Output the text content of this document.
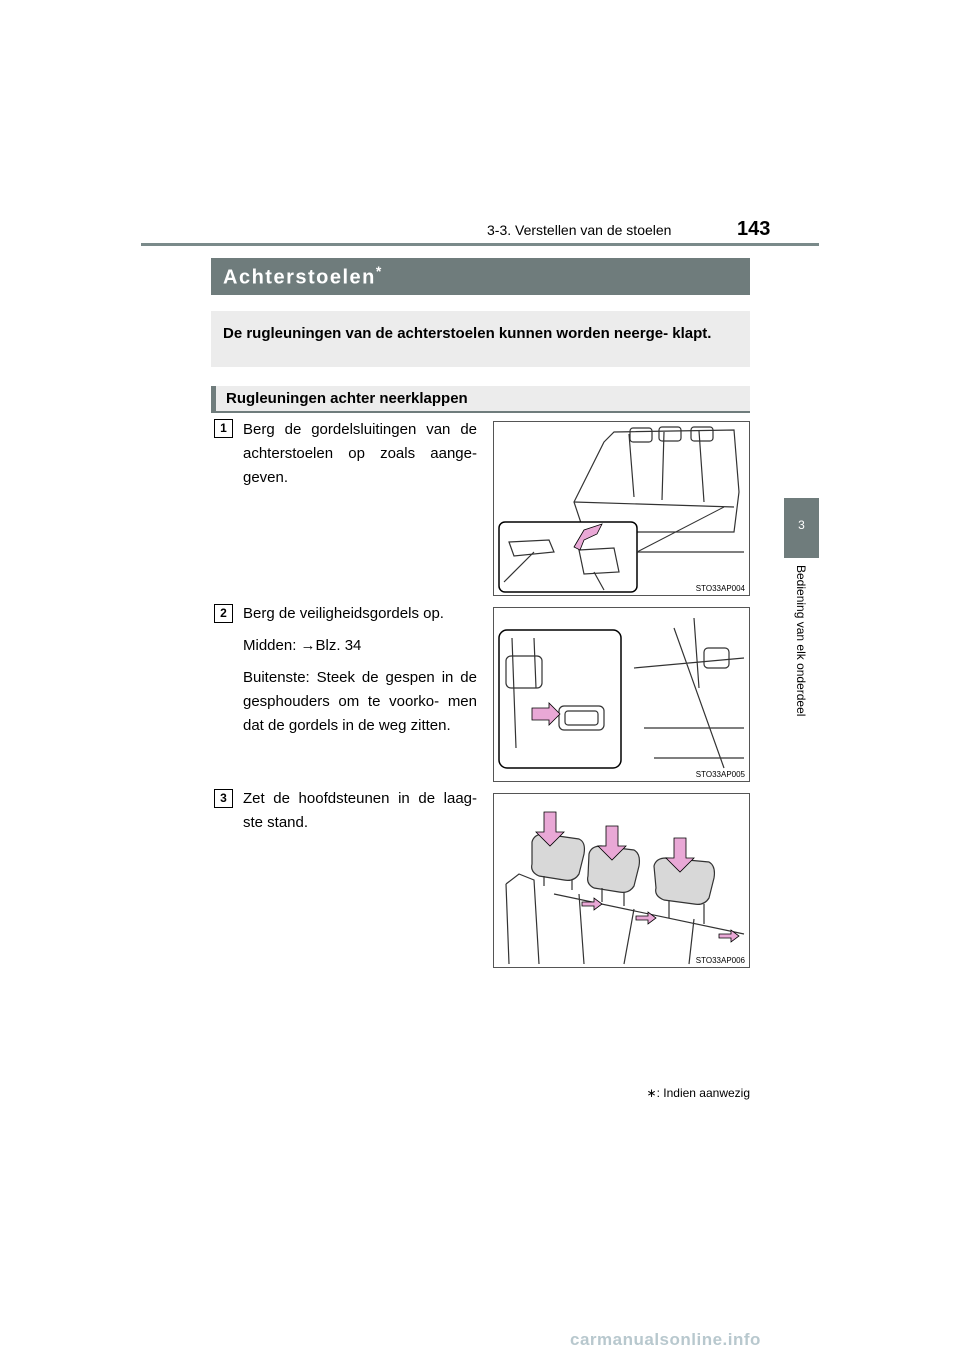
3-3. Verstellen van de stoelen	143
3
Bediening van elk onderdeel
Achterstoelen*
De rugleuningen van de achterstoelen kunnen worden neerge- klapt.
Rugleuningen achter neerklappen
1	Berg de gordelsluitingen van de achterstoelen op zoals aange- geven.

STO33AP004
2	Berg de veiligheidsgordels op.

Midden: →Blz. 34

Buitenste: Steek de gespen in de gesphouders om te voorko- men dat de gordels in de weg zitten.

STO33AP005
3	Zet de hoofdsteunen in de laag- ste stand.

STO33AP006
∗: Indien aanwezig
carmanualsonline.info
